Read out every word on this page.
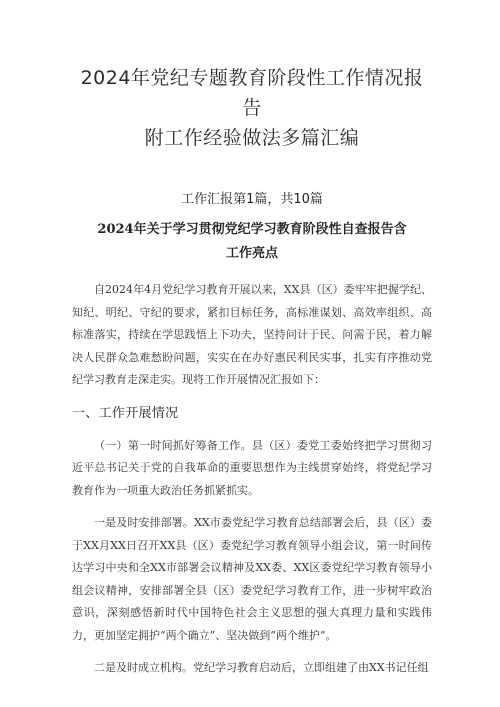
2024年党纪专题教育阶段性工作情况报告
附工作经验做法多篇汇编
工作汇报第1篇，共10篇
2024年关于学习贯彻党纪学习教育阶段性自查报告含
工作亮点

自2024年4月党纪学习教育开展以来，XX县（区）委牢牢把握学纪、知纪、明纪、守纪的要求，紧扣目标任务，高标准谋划、高效率组织、高标准落实，持续在学思践悟上下功夫，坚持问计于民、问需于民，着力解决人民群众急难愁盼问题，实实在在办好惠民利民实事，扎实有序推动党纪学习教育走深走实。现将工作开展情况汇报如下：

一、工作开展情况

（一）第一时间抓好筹备工作。县（区）委党工委始终把学习贯彻习近平总书记关于党的自我革命的重要思想作为主线贯穿始终，将党纪学习教育作为一项重大政治任务抓紧抓实。

一是及时安排部署。XX市委党纪学习教育总结部署会后，县（区）委于XX月XX日召开XX县（区）委党纪学习教育领导小组会议，第一时间传达学习中央和全XX市部署会议精神及XX委、XX区委党纪学习教育领导小组会议精神，安排部署全县（区）委党纪学习教育工作，进一步树牢政治意识，深刻感悟新时代中国特色社会主义思想的强大真理力量和实践伟力，更加坚定拥护“两个确立”、坚决做到“两个维护”。

二是及时成立机构。党纪学习教育启动后，立即组建了由XX书记任组
